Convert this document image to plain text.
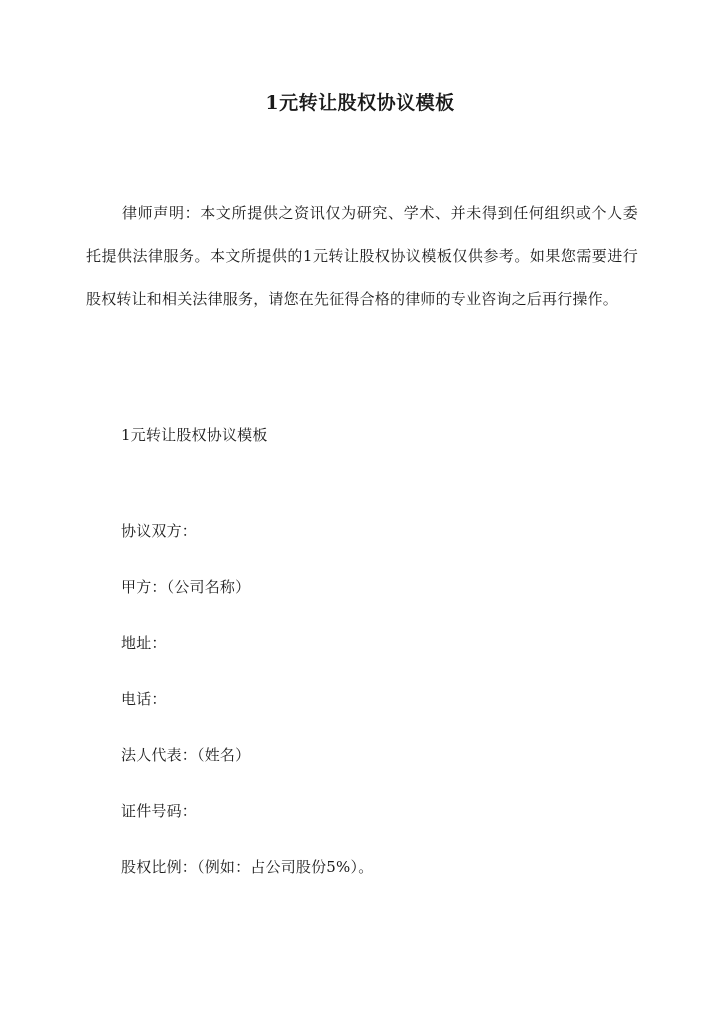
1元转让股权协议模板

律师声明：本文所提供之资讯仅为研究、学术、并未得到任何组织或个人委托提供法律服务。本文所提供的1元转让股权协议模板仅供参考。如果您需要进行股权转让和相关法律服务，请您在先征得合格的律师的专业咨询之后再行操作。

1元转让股权协议模板

协议双方：

甲方：（公司名称）

地址：

电话：

法人代表：（姓名）

证件号码：

股权比例：（例如：占公司股份5%）。
